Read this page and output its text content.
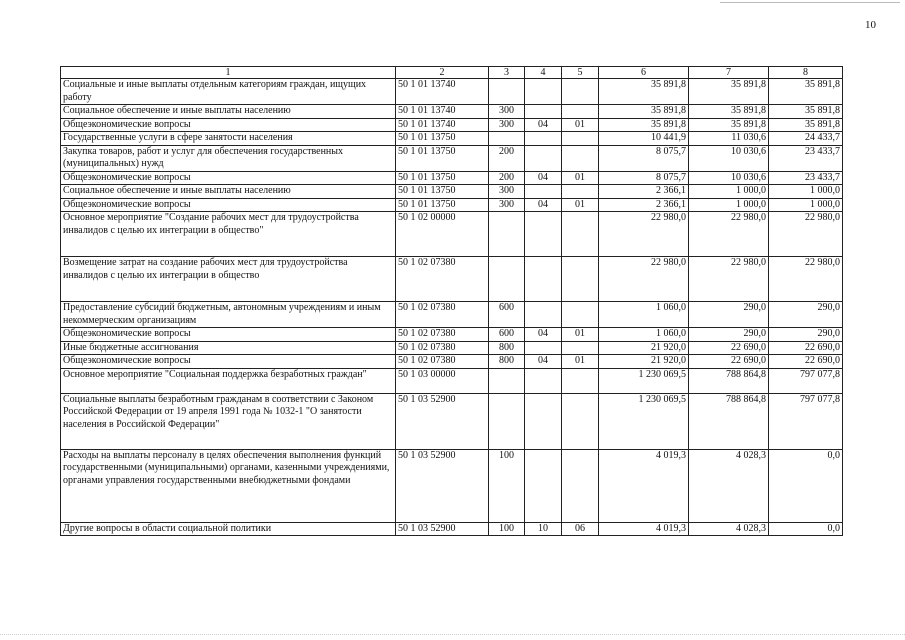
10
1	2	3	4	5	6	7	8
Социальные и иные выплаты отдельным категориям граждан, ищущих работу	50 1 01 13740				35 891,8	35 891,8	35 891,8
Социальное обеспечение и иные выплаты населению	50 1 01 13740	300			35 891,8	35 891,8	35 891,8
Общеэкономические вопросы	50 1 01 13740	300	04	01	35 891,8	35 891,8	35 891,8
Государственные услуги в сфере занятости населения	50 1 01 13750				10 441,9	11 030,6	24 433,7
Закупка товаров, работ и услуг для обеспечения государственных (муниципальных) нужд	50 1 01 13750	200			8 075,7	10 030,6	23 433,7
Общеэкономические вопросы	50 1 01 13750	200	04	01	8 075,7	10 030,6	23 433,7
Социальное обеспечение и иные выплаты населению	50 1 01 13750	300			2 366,1	1 000,0	1 000,0
Общеэкономические вопросы	50 1 01 13750	300	04	01	2 366,1	1 000,0	1 000,0
Основное мероприятие "Создание рабочих мест для трудоустройства инвалидов с целью их интеграции в общество"	50 1 02 00000				22 980,0	22 980,0	22 980,0
Возмещение затрат на создание рабочих мест для трудоустройства инвалидов с целью их интеграции в общество	50 1 02 07380				22 980,0	22 980,0	22 980,0
Предоставление субсидий бюджетным, автономным учреждениям и иным некоммерческим организациям	50 1 02 07380	600			1 060,0	290,0	290,0
Общеэкономические вопросы	50 1 02 07380	600	04	01	1 060,0	290,0	290,0
Иные бюджетные ассигнования	50 1 02 07380	800			21 920,0	22 690,0	22 690,0
Общеэкономические вопросы	50 1 02 07380	800	04	01	21 920,0	22 690,0	22 690,0
Основное мероприятие "Социальная поддержка безработных граждан"	50 1 03 00000				1 230 069,5	788 864,8	797 077,8
Социальные выплаты безработным гражданам в соответствии с Законом Российской Федерации от 19 апреля 1991 года № 1032-1 "О занятости населения в Российской Федерации"	50 1 03 52900				1 230 069,5	788 864,8	797 077,8
Расходы на выплаты персоналу в целях обеспечения выполнения функций государственными (муниципальными) органами, казенными учреждениями, органами управления государственными внебюджетными фондами	50 1 03 52900	100			4 019,3	4 028,3	0,0
Другие вопросы в области социальной политики	50 1 03 52900	100	10	06	4 019,3	4 028,3	0,0
